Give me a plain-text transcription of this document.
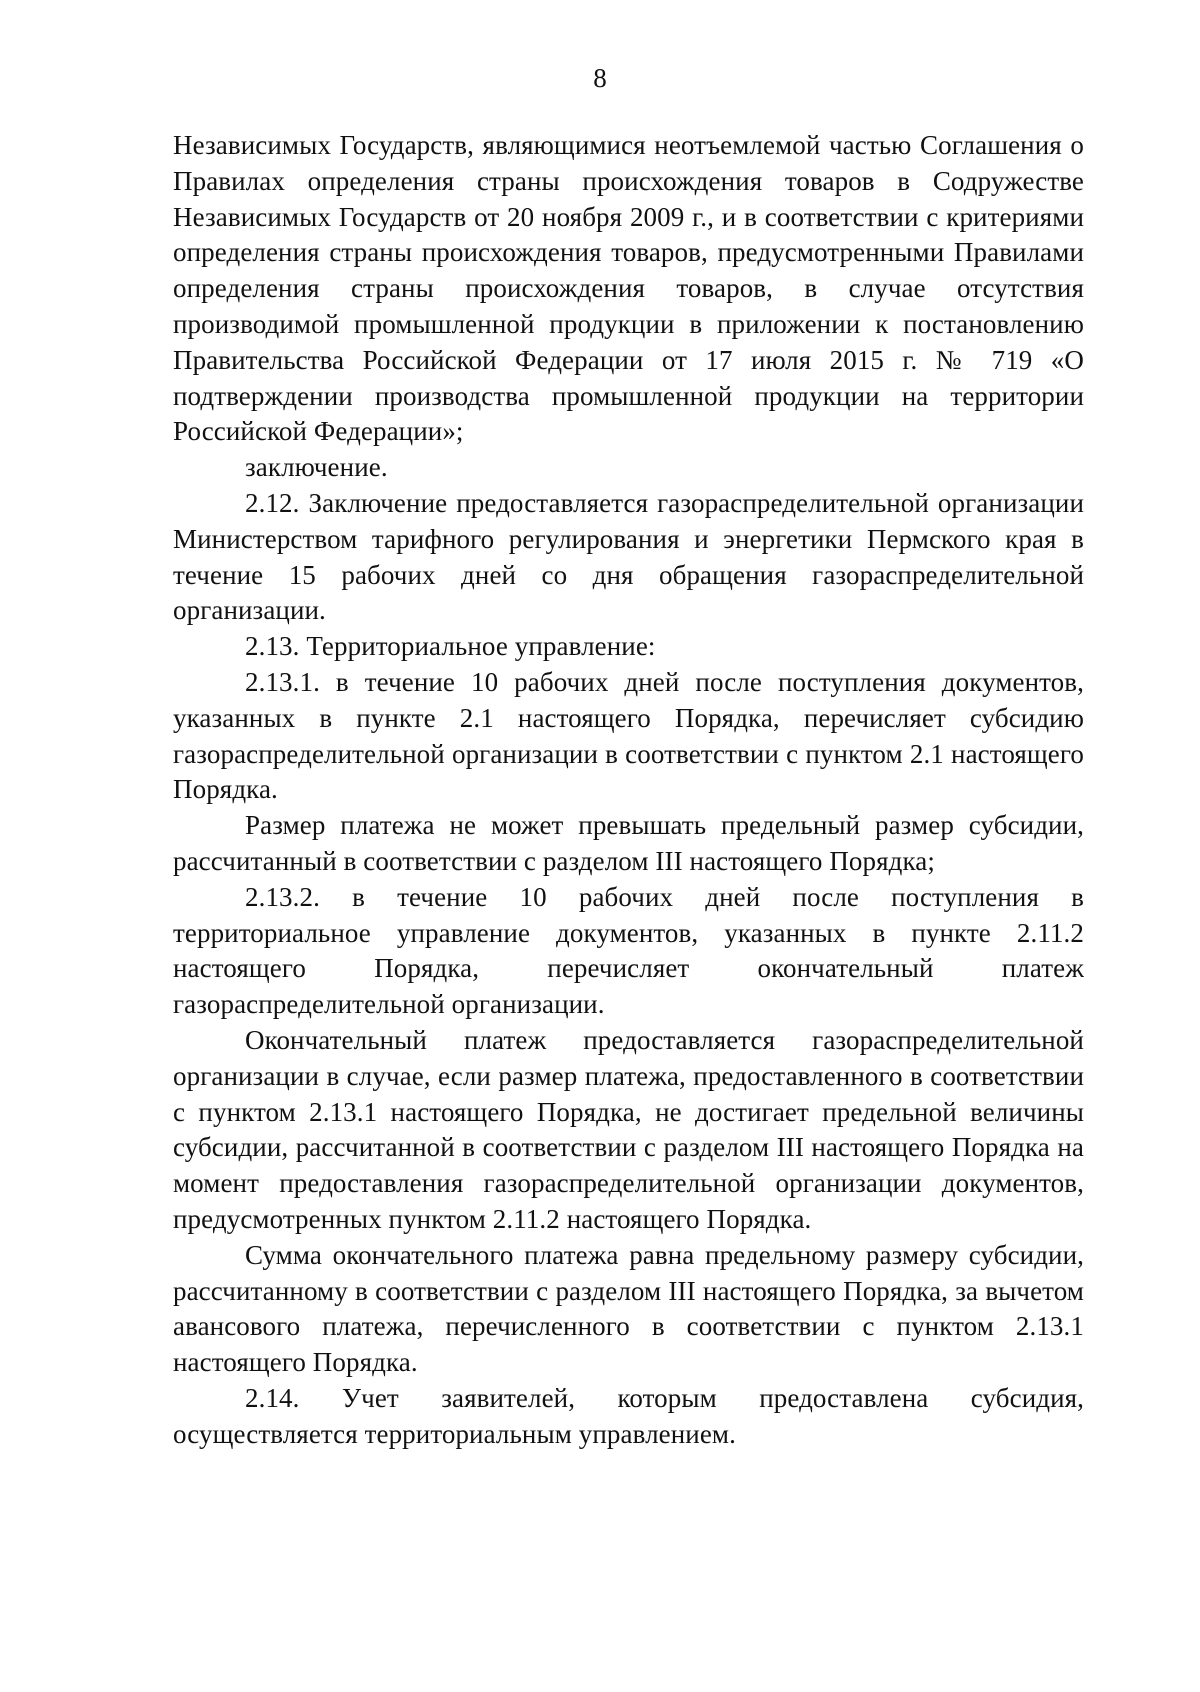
8

Независимых Государств, являющимися неотъемлемой частью Соглашения о Правилах определения страны происхождения товаров в Содружестве Независимых Государств от 20 ноября 2009 г., и в соответствии с критериями определения страны происхождения товаров, предусмотренными Правилами определения страны происхождения товаров, в случае отсутствия производимой промышленной продукции в приложении к постановлению Правительства Российской Федерации от 17 июля 2015 г. № 719 «О подтверждении производства промышленной продукции на территории Российской Федерации»;

заключение.

2.12. Заключение предоставляется газораспределительной организации Министерством тарифного регулирования и энергетики Пермского края в течение 15 рабочих дней со дня обращения газораспределительной организации.

2.13. Территориальное управление:

2.13.1. в течение 10 рабочих дней после поступления документов, указанных в пункте 2.1 настоящего Порядка, перечисляет субсидию газораспределительной организации в соответствии с пунктом 2.1 настоящего Порядка.

Размер платежа не может превышать предельный размер субсидии, рассчитанный в соответствии с разделом III настоящего Порядка;

2.13.2. в течение 10 рабочих дней после поступления в территориальное управление документов, указанных в пункте 2.11.2 настоящего Порядка, перечисляет окончательный платеж газораспределительной организации.

Окончательный платеж предоставляется газораспределительной организации в случае, если размер платежа, предоставленного в соответствии с пунктом 2.13.1 настоящего Порядка, не достигает предельной величины субсидии, рассчитанной в соответствии с разделом III настоящего Порядка на момент предоставления газораспределительной организации документов, предусмотренных пунктом 2.11.2 настоящего Порядка.

Сумма окончательного платежа равна предельному размеру субсидии, рассчитанному в соответствии с разделом III настоящего Порядка, за вычетом авансового платежа, перечисленного в соответствии с пунктом 2.13.1 настоящего Порядка.

2.14. Учет заявителей, которым предоставлена субсидия, осуществляется территориальным управлением.
